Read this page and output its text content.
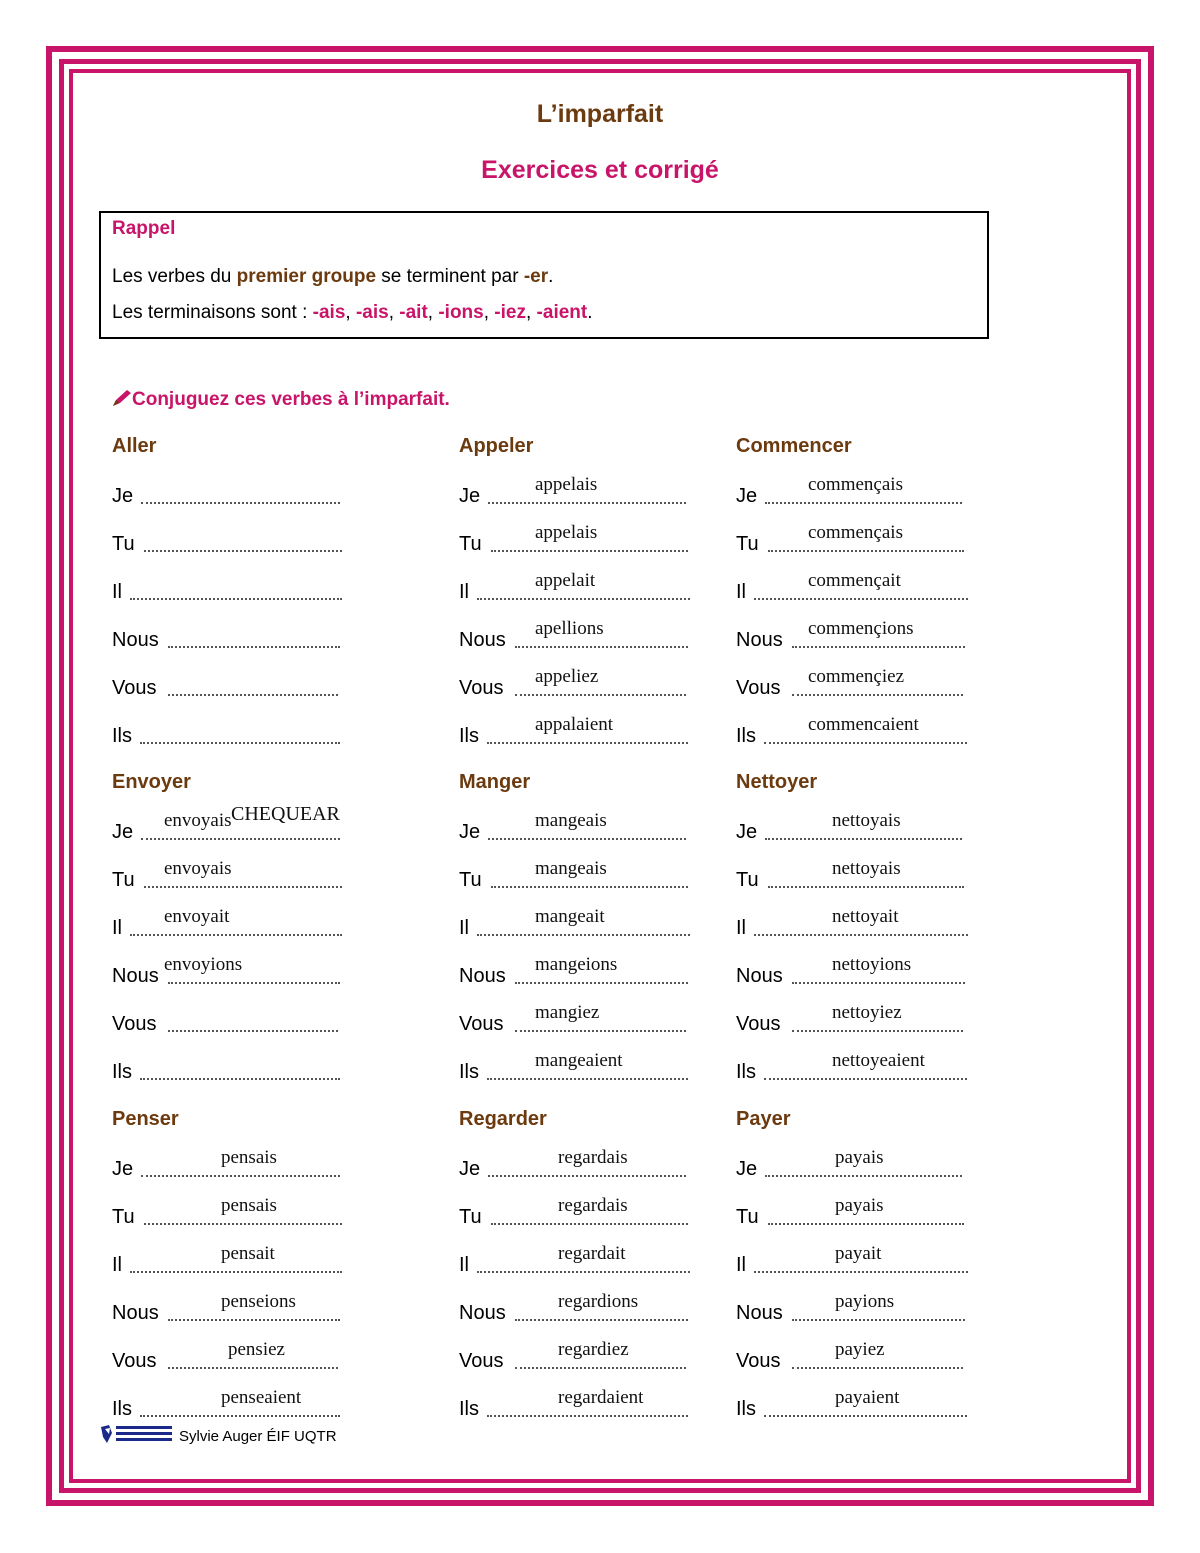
L’imparfait
Exercices et corrigé
Rappel
Les verbes du premier groupe se terminent par -er.
Les terminaisons sont : -ais, -ais, -ait, -ions, -iez, -aient.
Conjuguez ces verbes à l’imparfait.
Aller
Je
Tu
Il
Nous
Vous
Ils
Appeler
Je
appelais
Tu
appelais
Il
appelait
Nous
apellions
Vous
appeliez
Ils
appalaient
Commencer
Je
commençais
Tu
commençais
Il
commençait
Nous
commençions
Vous
commençiez
Ils
commencaient
Envoyer
Je
envoyais
Tu
envoyais
Il
envoyait
Nous
envoyions
Vous
Ils
Manger
Je
mangeais
Tu
mangeais
Il
mangeait
Nous
mangeions
Vous
mangiez
Ils
mangeaient
Nettoyer
Je
nettoyais
Tu
nettoyais
Il
nettoyait
Nous
nettoyions
Vous
nettoyiez
Ils
nettoyeaient
Penser
Je
pensais
Tu
pensais
Il
pensait
Nous
penseions
Vous
pensiez
Ils
penseaient
Regarder
Je
regardais
Tu
regardais
Il
regardait
Nous
regardions
Vous
regardiez
Ils
regardaient
Payer
Je
payais
Tu
payais
Il
payait
Nous
payions
Vous
payiez
Ils
payaient
CHEQUEAR
Sylvie Auger ÉIF UQTR
